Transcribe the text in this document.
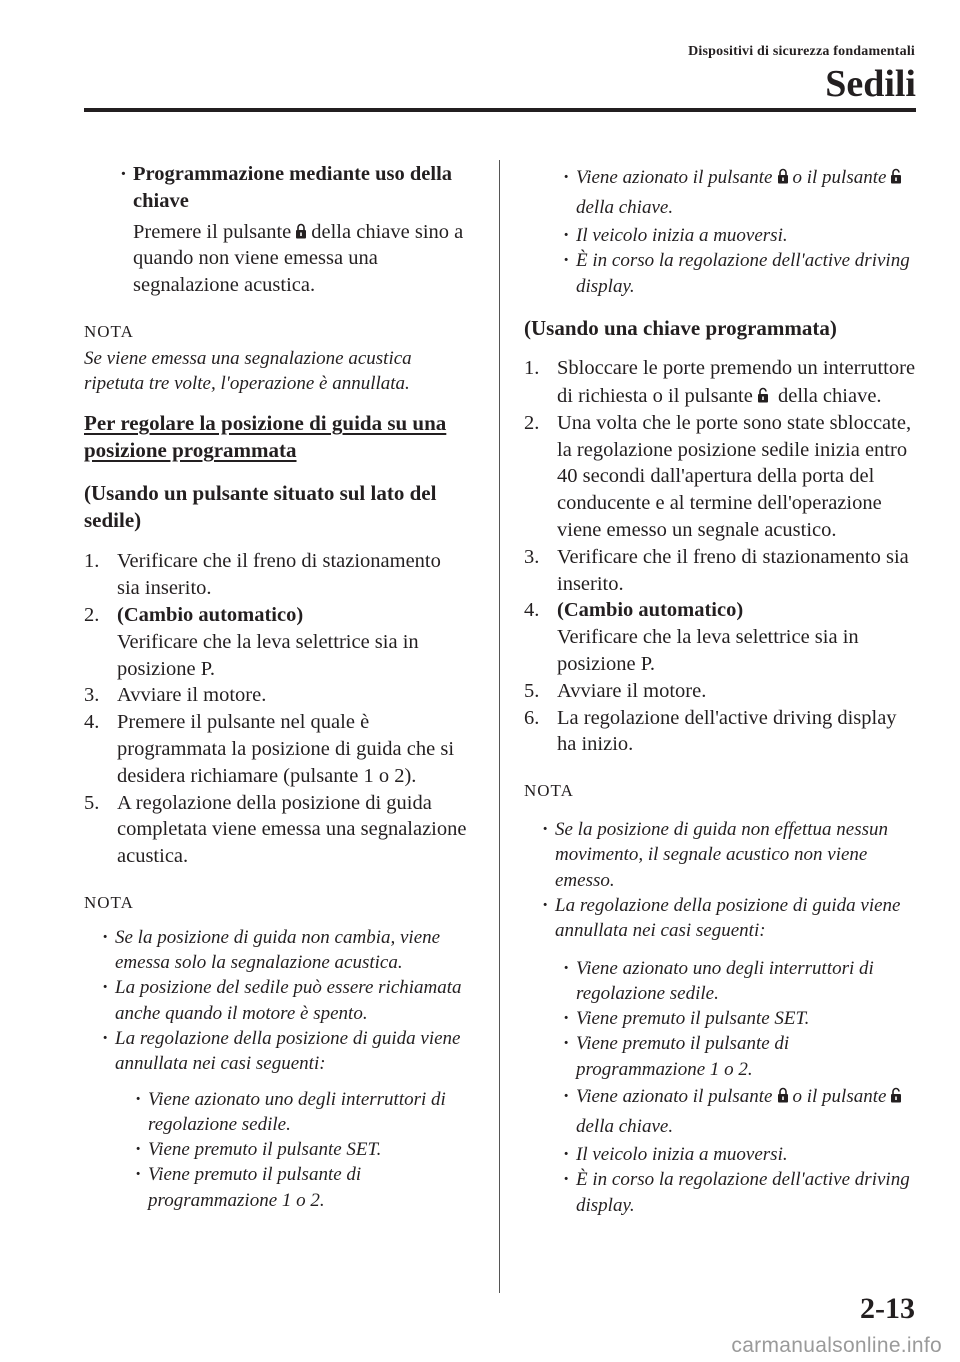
Dispositivi di sicurezza fondamentali
Sedili
· Programmazione mediante uso della chiave
Premere il pulsante della chiave sino a quando non viene emessa una segnalazione acustica.
NOTA
Se viene emessa una segnalazione acustica ripetuta tre volte, l'operazione è annullata.
Per regolare la posizione di guida su una posizione programmata
(Usando un pulsante situato sul lato del sedile)
1. Verificare che il freno di stazionamento sia inserito.
2. (Cambio automatico)
Verificare che la leva selettrice sia in posizione P.
3. Avviare il motore.
4. Premere il pulsante nel quale è programmata la posizione di guida che si desidera richiamare (pulsante 1 o 2).
5. A regolazione della posizione di guida completata viene emessa una segnalazione acustica.
NOTA
· Se la posizione di guida non cambia, viene emessa solo la segnalazione acustica.
· La posizione del sedile può essere richiamata anche quando il motore è spento.
· La regolazione della posizione di guida viene annullata nei casi seguenti:
· Viene azionato uno degli interruttori di regolazione sedile.
· Viene premuto il pulsante SET.
· Viene premuto il pulsante di programmazione 1 o 2.
· Viene azionato il pulsante o il pulsantedella chiave.
· Il veicolo inizia a muoversi.
· È in corso la regolazione dell'active driving display.
(Usando una chiave programmata)
1. Sbloccare le porte premendo un interruttore di richiesta o il pulsante della chiave.
2. Una volta che le porte sono state sbloccate, la regolazione posizione sedile inizia entro 40 secondi dall'apertura della porta del conducente e al termine dell'operazione viene emesso un segnale acustico.
3. Verificare che il freno di stazionamento sia inserito.
4. (Cambio automatico)
Verificare che la leva selettrice sia in posizione P.
5. Avviare il motore.
6. La regolazione dell'active driving display ha inizio.
NOTA
· Se la posizione di guida non effettua nessun movimento, il segnale acustico non viene emesso.
· La regolazione della posizione di guida viene annullata nei casi seguenti:
· Viene azionato uno degli interruttori di regolazione sedile.
· Viene premuto il pulsante SET.
· Viene premuto il pulsante di programmazione 1 o 2.
· Viene azionato il pulsante o il pulsantedella chiave.
· Il veicolo inizia a muoversi.
· È in corso la regolazione dell'active driving display.
2-13
carmanualsonline.info
